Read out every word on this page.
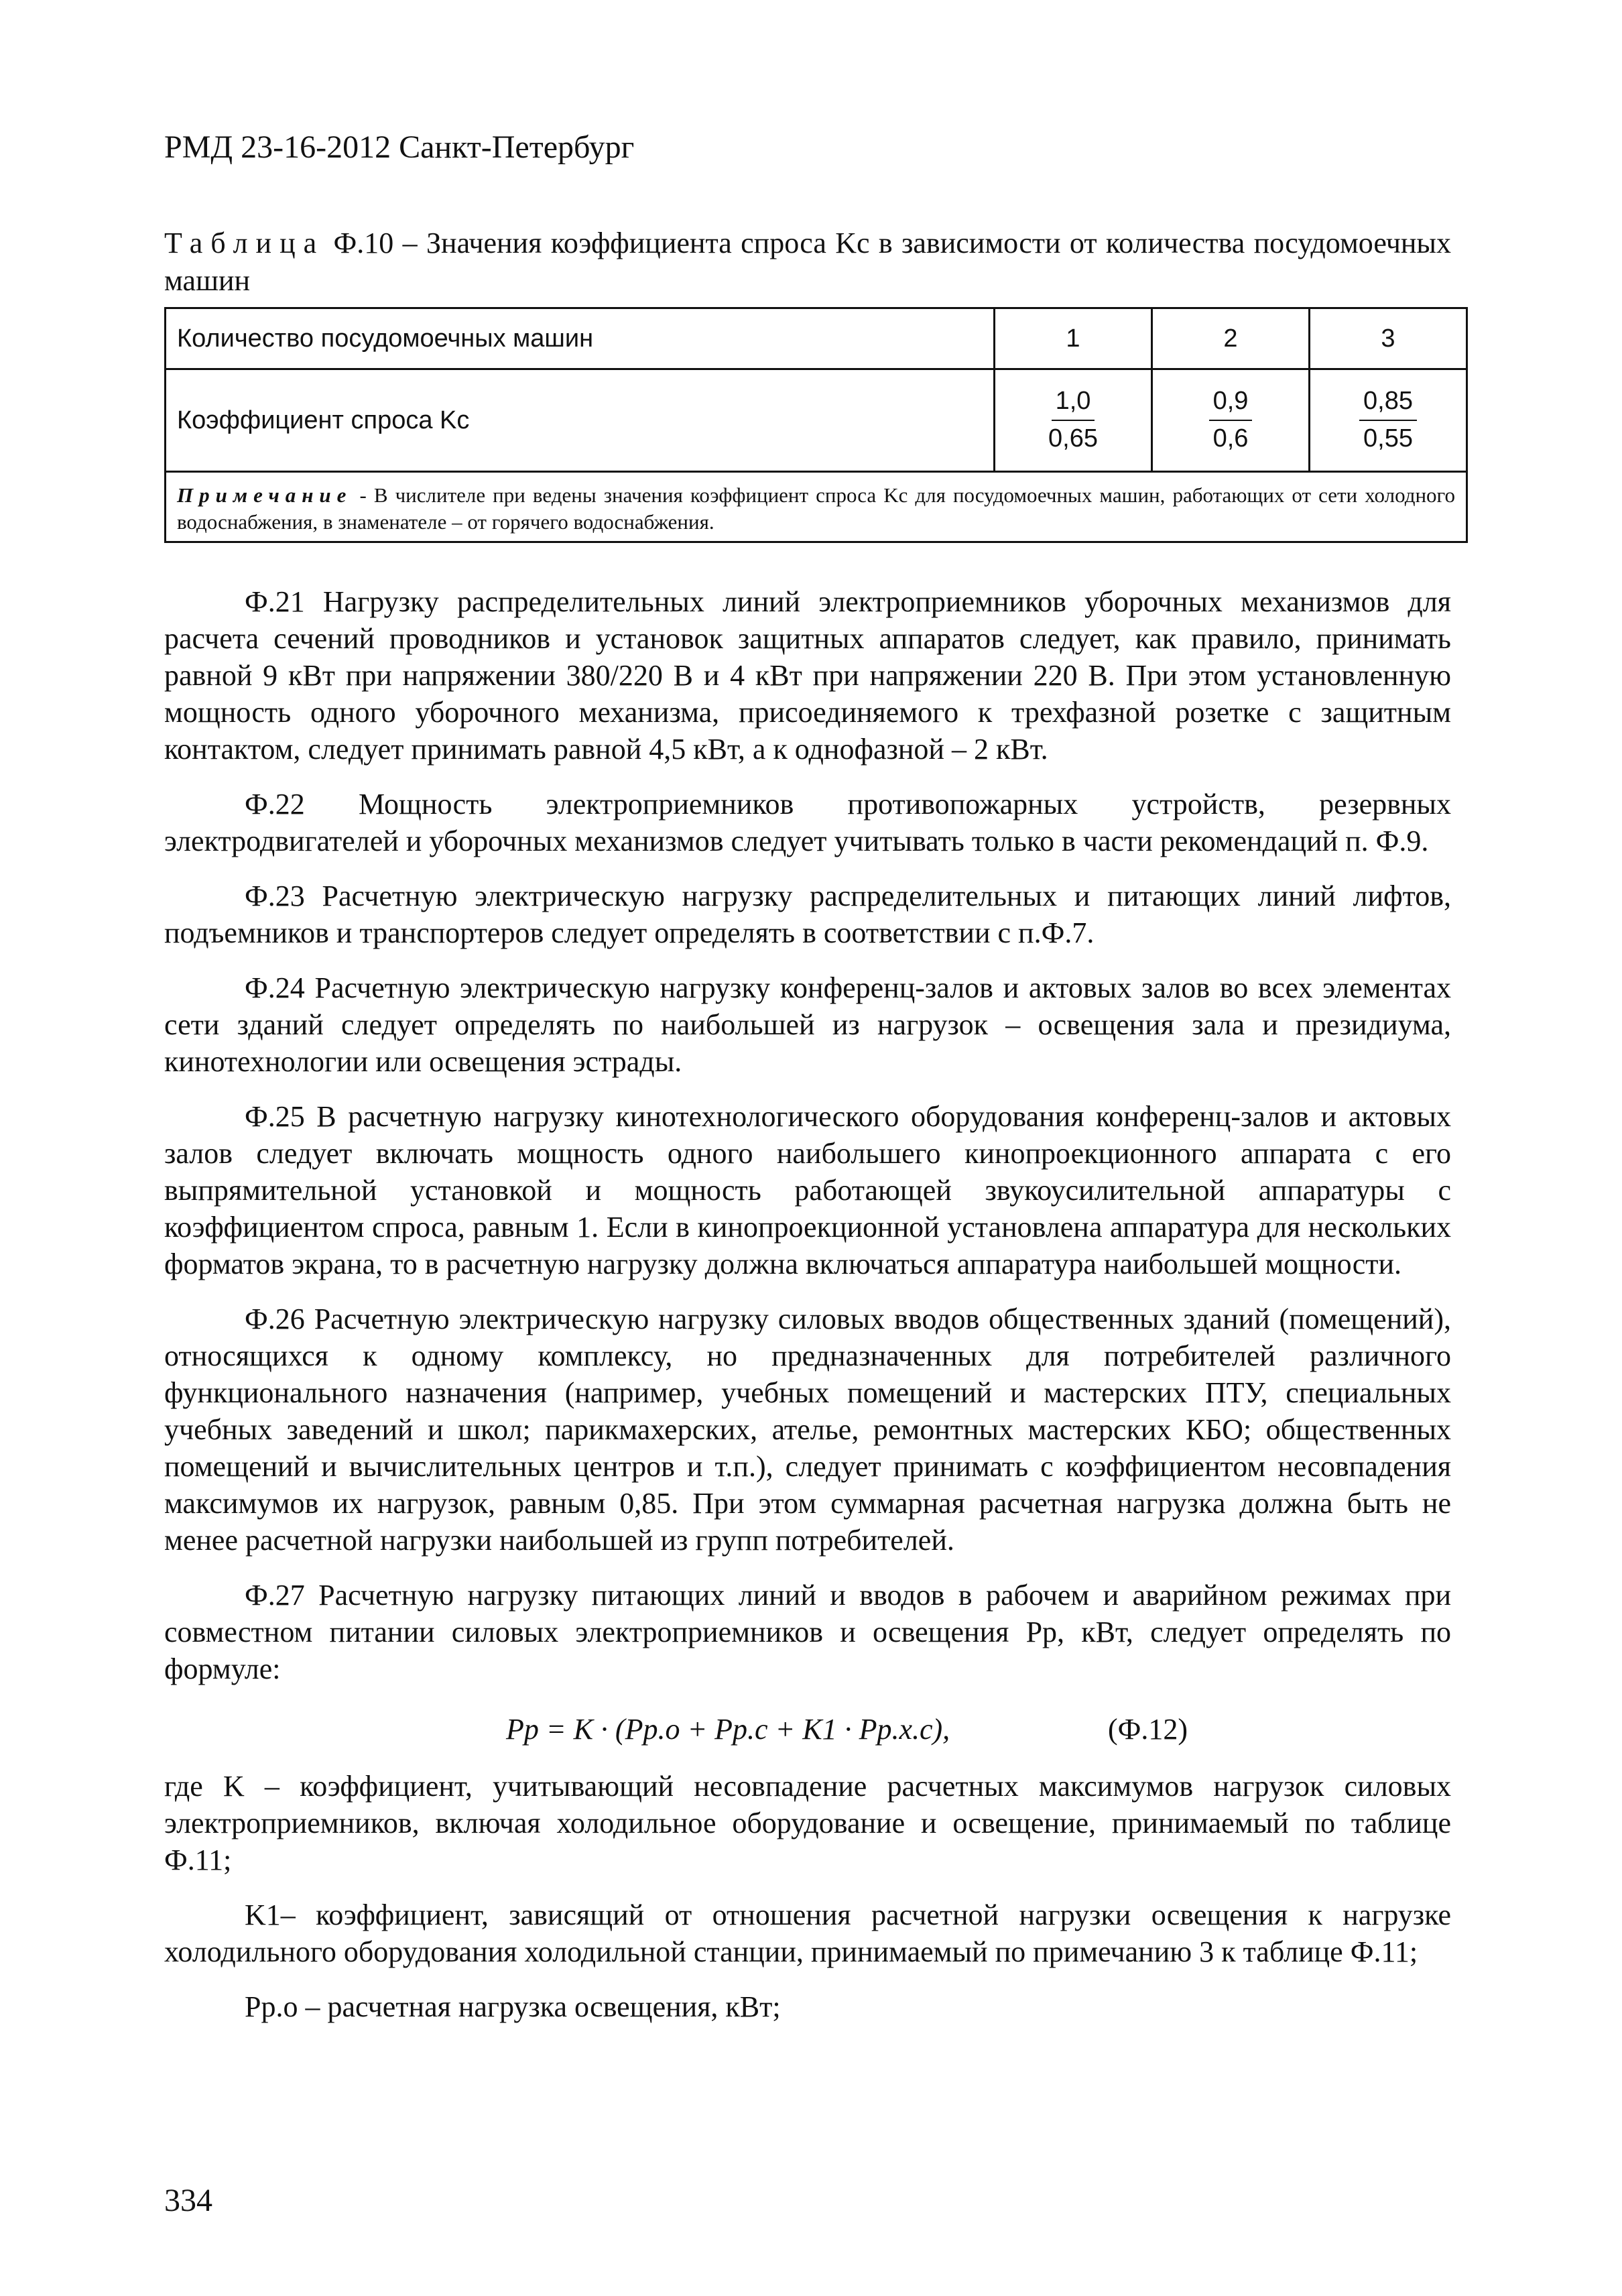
РМД 23-16-2012 Санкт-Петербург
Таблица Ф.10 – Значения коэффициента спроса Kc в зависимости от количества посудомоечных машин
Количество посудомоечных машин	1	2	3
Коэффициент спроса Kc	$\frac{1,0}{0,65}$	$\frac{0,9}{0,6}$	$\frac{0,85}{0,55}$

Примечание - В числителе при ведены значения коэффициент спроса Kc для посудомоечных машин, работающих от сети холодного водоснабжения, в знаменателе – от горячего водоснабжения.			

Ф.21 Нагрузку распределительных линий электроприемников уборочных механизмов для расчета сечений проводников и установок защитных аппаратов следует, как правило, принимать равной 9 кВт при напряжении 380/220 В и 4 кВт при напряжении 220 В. При этом установленную мощность одного уборочного механизма, присоединяемого к трехфазной розетке с защитным контактом, следует принимать равной 4,5 кВт, а к однофазной – 2 кВт.

Ф.22 Мощность электроприемников противопожарных устройств, резервных электродвигателей и уборочных механизмов следует учитывать только в части рекомендаций п. Ф.9.

Ф.23 Расчетную электрическую нагрузку распределительных и питающих линий лифтов, подъемников и транспортеров следует определять в соответствии с п.Ф.7.

Ф.24 Расчетную электрическую нагрузку конференц-залов и актовых залов во всех элементах сети зданий следует определять по наибольшей из нагрузок – освещения зала и президиума, кинотехнологии или освещения эстрады.

Ф.25 В расчетную нагрузку кинотехнологического оборудования конференц-залов и актовых залов следует включать мощность одного наибольшего кинопроекционного аппарата с его выпрямительной установкой и мощность работающей звукоусилительной аппаратуры с коэффициентом спроса, равным 1. Если в кинопроекционной установлена аппаратура для нескольких форматов экрана, то в расчетную нагрузку должна включаться аппаратура наибольшей мощности.

Ф.26 Расчетную электрическую нагрузку силовых вводов общественных зданий (помещений), относящихся к одному комплексу, но предназначенных для потребителей различного функционального назначения (например, учебных помещений и мастерских ПТУ, специальных учебных заведений и школ; парикмахерских, ателье, ремонтных мастерских КБО; общественных помещений и вычислительных центров и т.п.), следует принимать с коэффициентом несовпадения максимумов их нагрузок, равным 0,85. При этом суммарная расчетная нагрузка должна быть не менее расчетной нагрузки наибольшей из групп потребителей.

Ф.27 Расчетную нагрузку питающих линий и вводов в рабочем и аварийном режимах при совместном питании силовых электроприемников и освещения Pр, кВт, следует определять по формуле:

Pр = K · (Pр.о + Pр.с + K1 · Pр.х.с),	(Ф.12)

где K – коэффициент, учитывающий несовпадение расчетных максимумов нагрузок силовых электроприемников, включая холодильное оборудование и освещение, принимаемый по таблице Ф.11;

K1– коэффициент, зависящий от отношения расчетной нагрузки освещения к нагрузке холодильного оборудования холодильной станции, принимаемый по примечанию 3 к таблице Ф.11;

Pр.о – расчетная нагрузка освещения, кВт;

334
